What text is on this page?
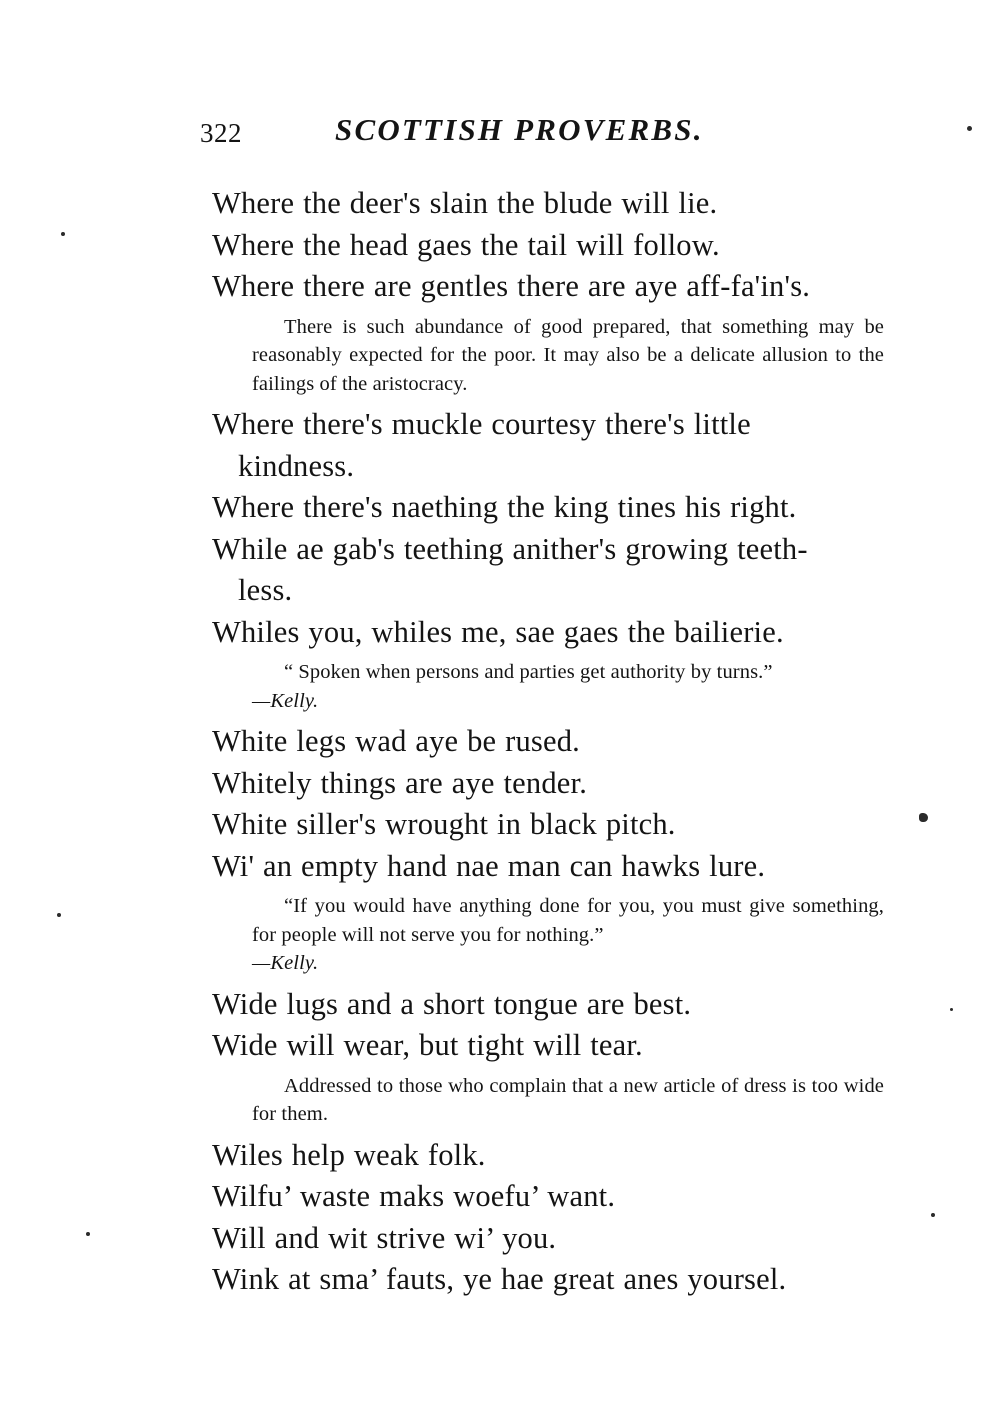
322	SCOTTISH PROVERBS.

Where the deer's slain the blude will lie.

Where the head gaes the tail will follow.

Where there are gentles there are aye aff-fa'in's.

There is such abundance of good prepared, that something may be reasonably expected for the poor. It may also be a delicate allusion to the failings of the aristocracy.

Where there's muckle courtesy there's little
kindness.

Where there's naething the king tines his right.

While ae gab's teething anither's growing teeth-
less.

Whiles you, whiles me, sae gaes the bailierie.

“ Spoken when persons and parties get authority by turns.”
—Kelly.

White legs wad aye be rused.

Whitely things are aye tender.

White siller's wrought in black pitch.

Wi' an empty hand nae man can hawks lure.

“If you would have anything done for you, you must give something, for people will not serve you for nothing.”
—Kelly.

Wide lugs and a short tongue are best.

Wide will wear, but tight will tear.

Addressed to those who complain that a new article of dress is too wide for them.

Wiles help weak folk.

Wilfu’ waste maks woefu’ want.

Will and wit strive wi’ you.

Wink at sma’ fauts, ye hae great anes yoursel.
